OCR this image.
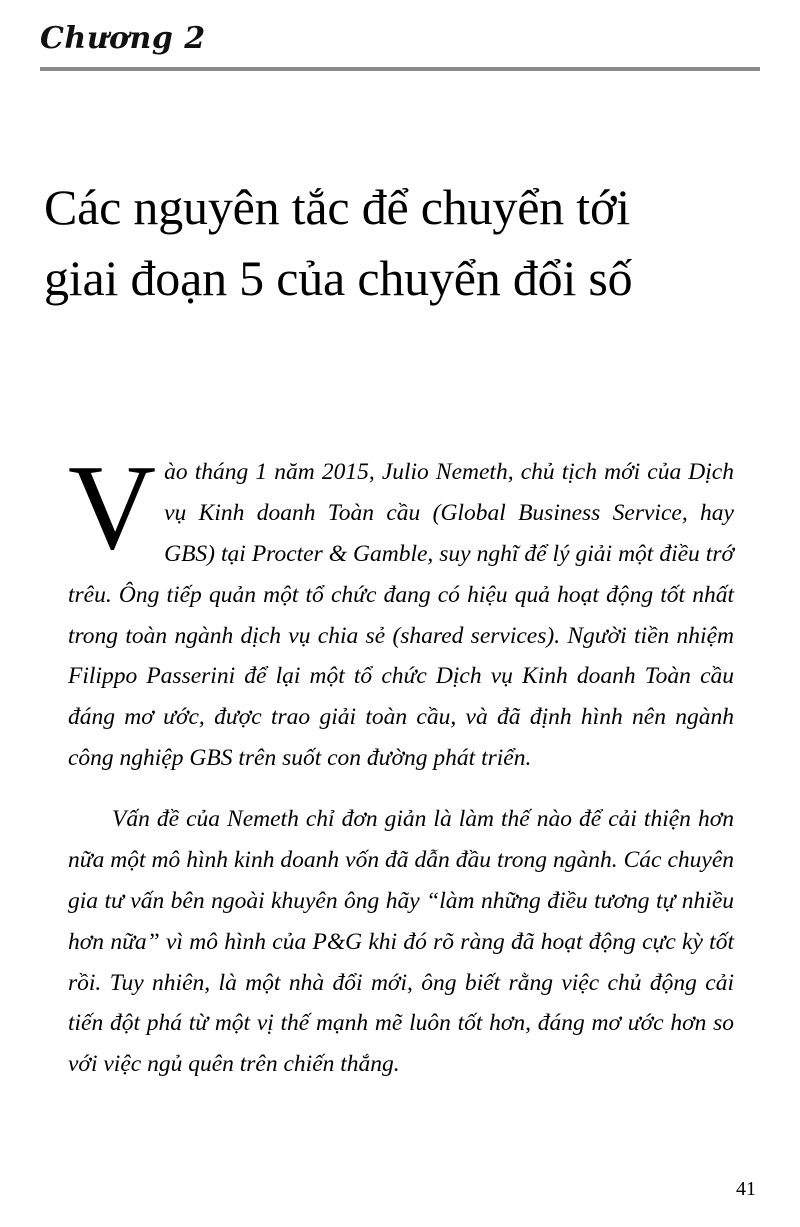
Chương 2
Các nguyên tắc để chuyển tới
giai đoạn 5 của chuyển đổi số

Vào tháng 1 năm 2015, Julio Nemeth, chủ tịch mới của Dịch vụ Kinh doanh Toàn cầu (Global Business Service, hay GBS) tại Procter & Gamble, suy nghĩ để lý giải một điều trớ trêu. Ông tiếp quản một tổ chức đang có hiệu quả hoạt động tốt nhất trong toàn ngành dịch vụ chia sẻ (shared services). Người tiền nhiệm Filippo Passerini để lại một tổ chức Dịch vụ Kinh doanh Toàn cầu đáng mơ ước, được trao giải toàn cầu, và đã định hình nên ngành công nghiệp GBS trên suốt con đường phát triển.

Vấn đề của Nemeth chỉ đơn giản là làm thế nào để cải thiện hơn nữa một mô hình kinh doanh vốn đã dẫn đầu trong ngành. Các chuyên gia tư vấn bên ngoài khuyên ông hãy “làm những điều tương tự nhiều hơn nữa” vì mô hình của P&G khi đó rõ ràng đã hoạt động cực kỳ tốt rồi. Tuy nhiên, là một nhà đổi mới, ông biết rằng việc chủ động cải tiến đột phá từ một vị thế mạnh mẽ luôn tốt hơn, đáng mơ ước hơn so với việc ngủ quên trên chiến thắng.

41
